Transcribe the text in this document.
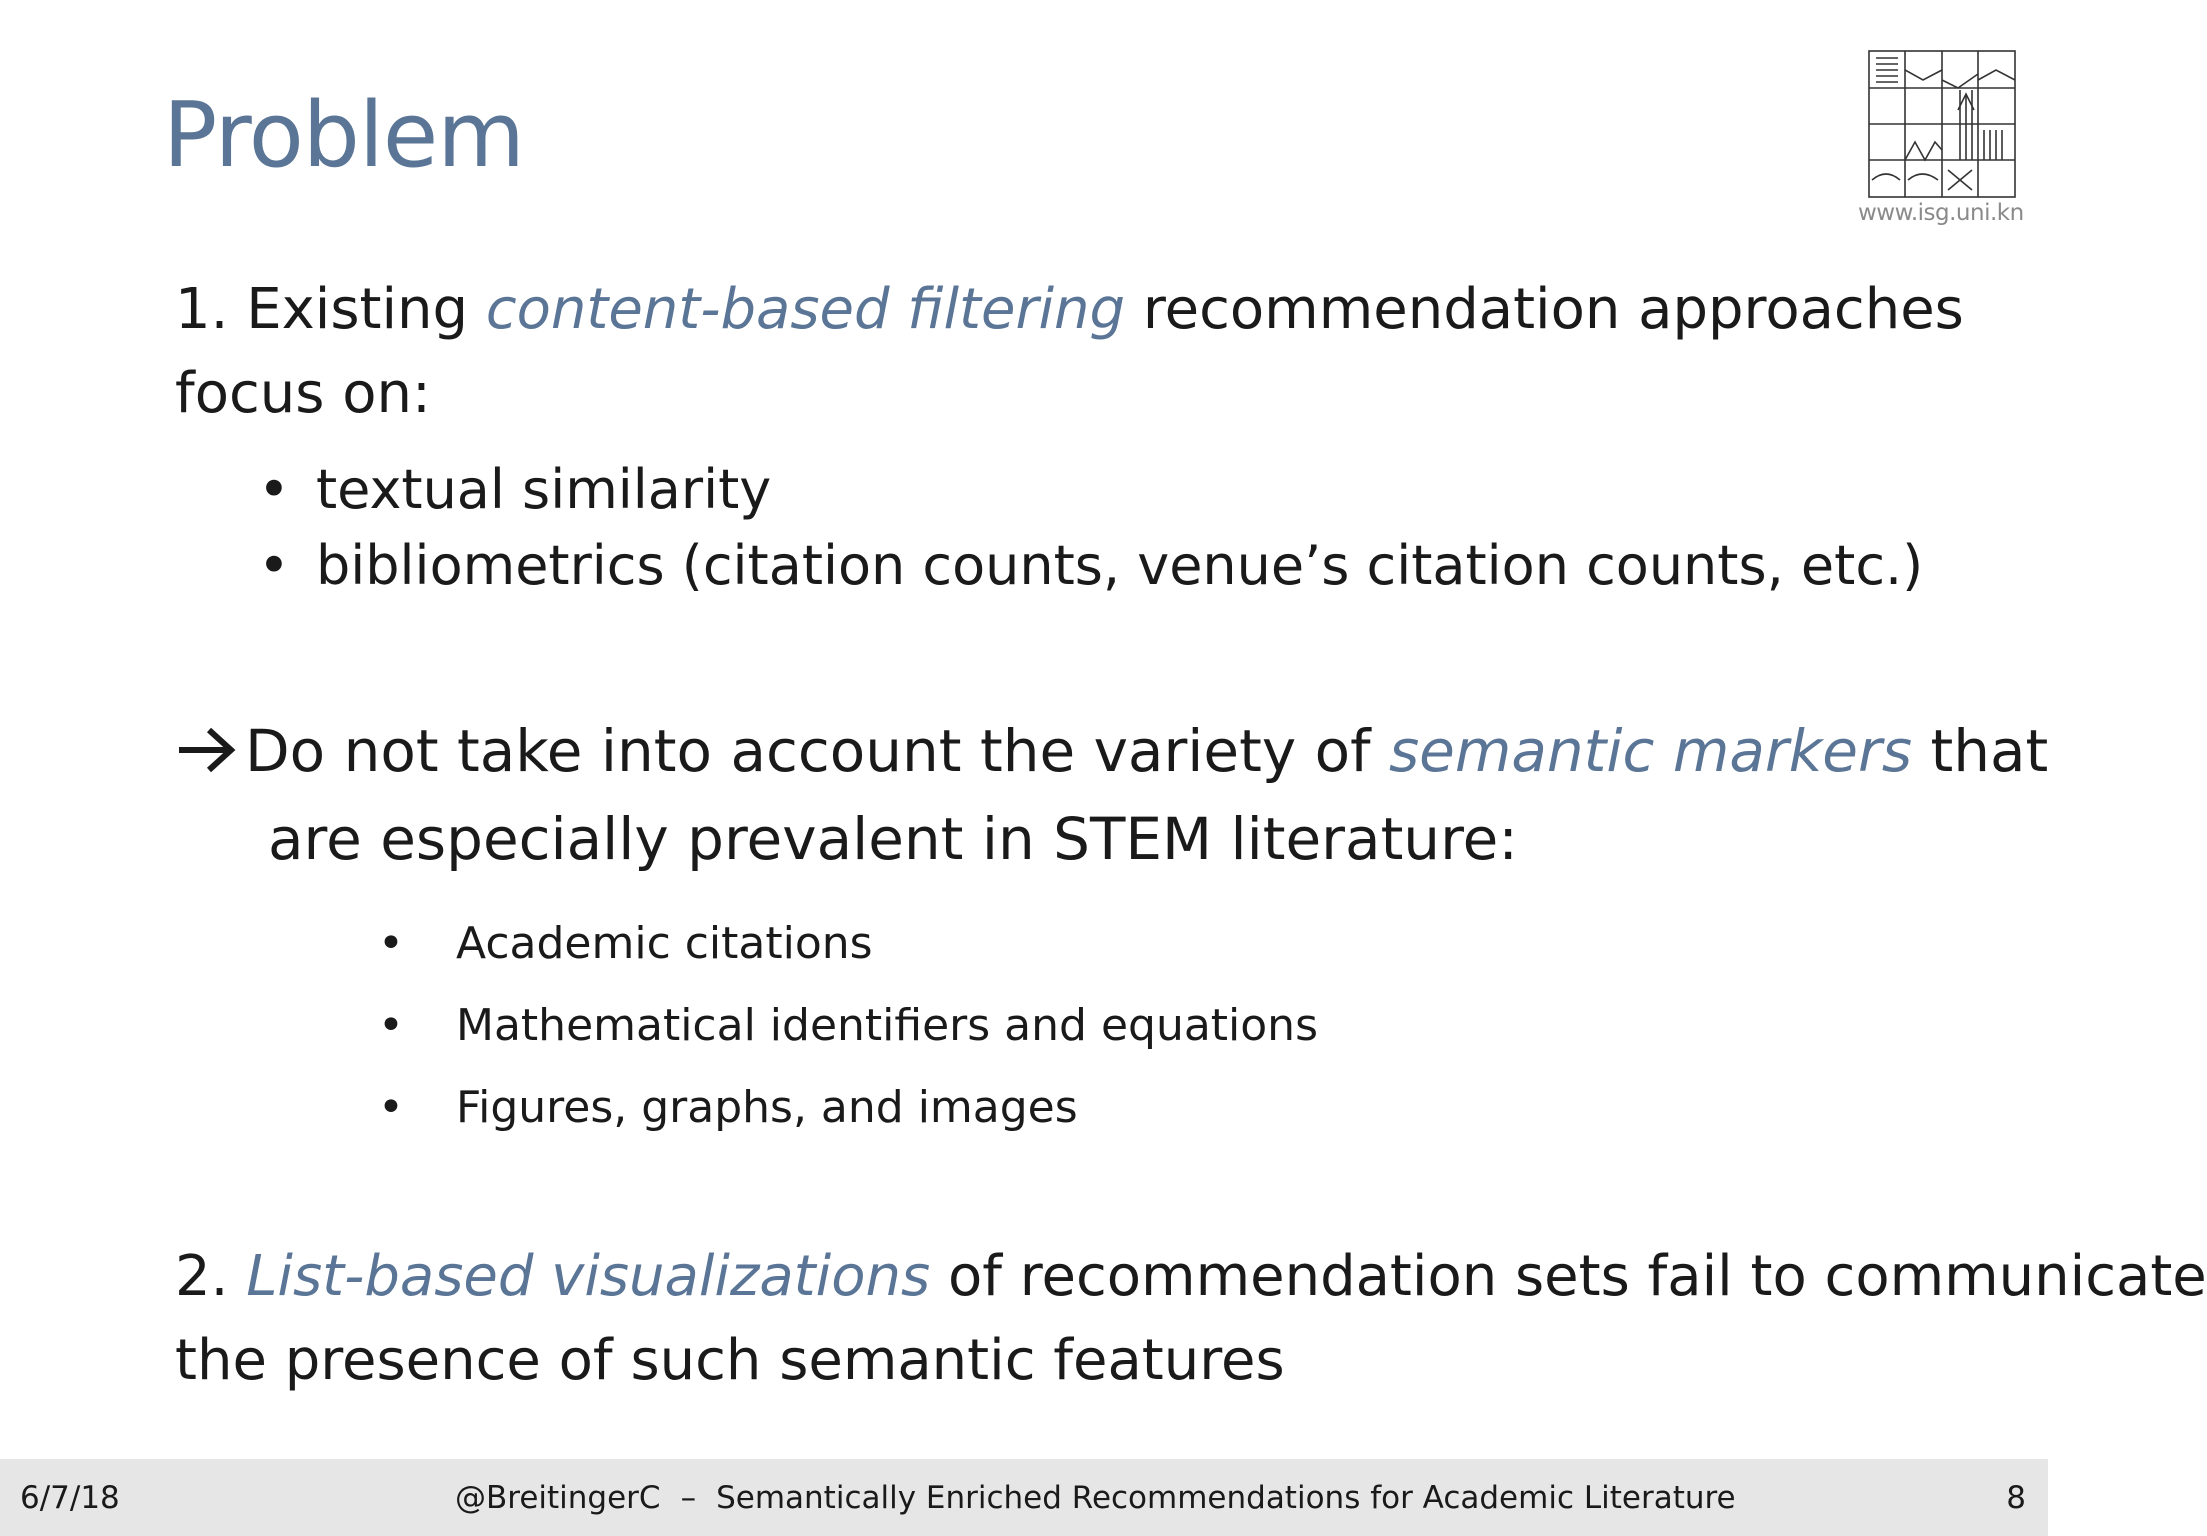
Problem
www.isg.uni.kn
1. Existing content-based filtering recommendation approaches
focus on:
• textual similarity
• bibliometrics (citation counts, venue’s citation counts, etc.)
Do not take into account the variety of semantic markers that
are especially prevalent in STEM literature:
• Academic citations
• Mathematical identifiers and equations
• Figures, graphs, and images
2. List-based visualizations of recommendation sets fail to communicate
the presence of such semantic features
6/7/18	@BreitingerC – Semantically Enriched Recommendations for Academic Literature	8
